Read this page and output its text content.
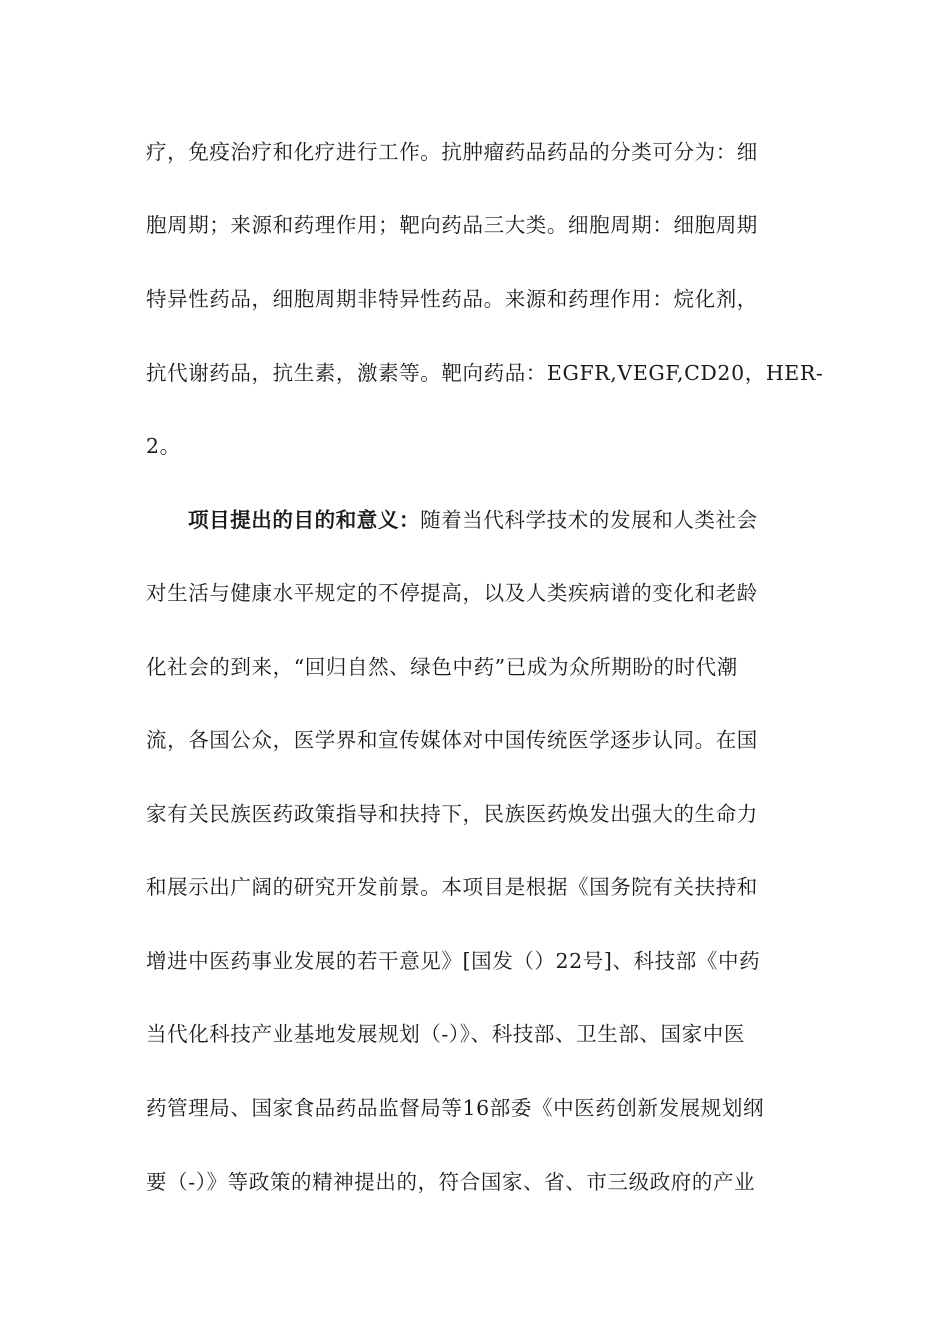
疗，免疫治疗和化疗进行工作。抗肿瘤药品药品的分类可分为：细
胞周期；来源和药理作用；靶向药品三大类。细胞周期：细胞周期
特异性药品，细胞周期非特异性药品。来源和药理作用：烷化剂，
抗代谢药品，抗生素，激素等。靶向药品：EGFR,VEGF,CD20，HER-
2。
项目提出的目的和意义：随着当代科学技术的发展和人类社会
对生活与健康水平规定的不停提高，以及人类疾病谱的变化和老龄
化社会的到来，“回归自然、绿色中药”已成为众所期盼的时代潮
流，各国公众，医学界和宣传媒体对中国传统医学逐步认同。在国
家有关民族医药政策指导和扶持下，民族医药焕发出强大的生命力
和展示出广阔的研究开发前景。本项目是根据《国务院有关扶持和
增进中医药事业发展的若干意见》[国发（）22号]、科技部《中药
当代化科技产业基地发展规划（-）》、科技部、卫生部、国家中医
药管理局、国家食品药品监督局等16部委《中医药创新发展规划纲
要（-）》等政策的精神提出的，符合国家、省、市三级政府的产业
